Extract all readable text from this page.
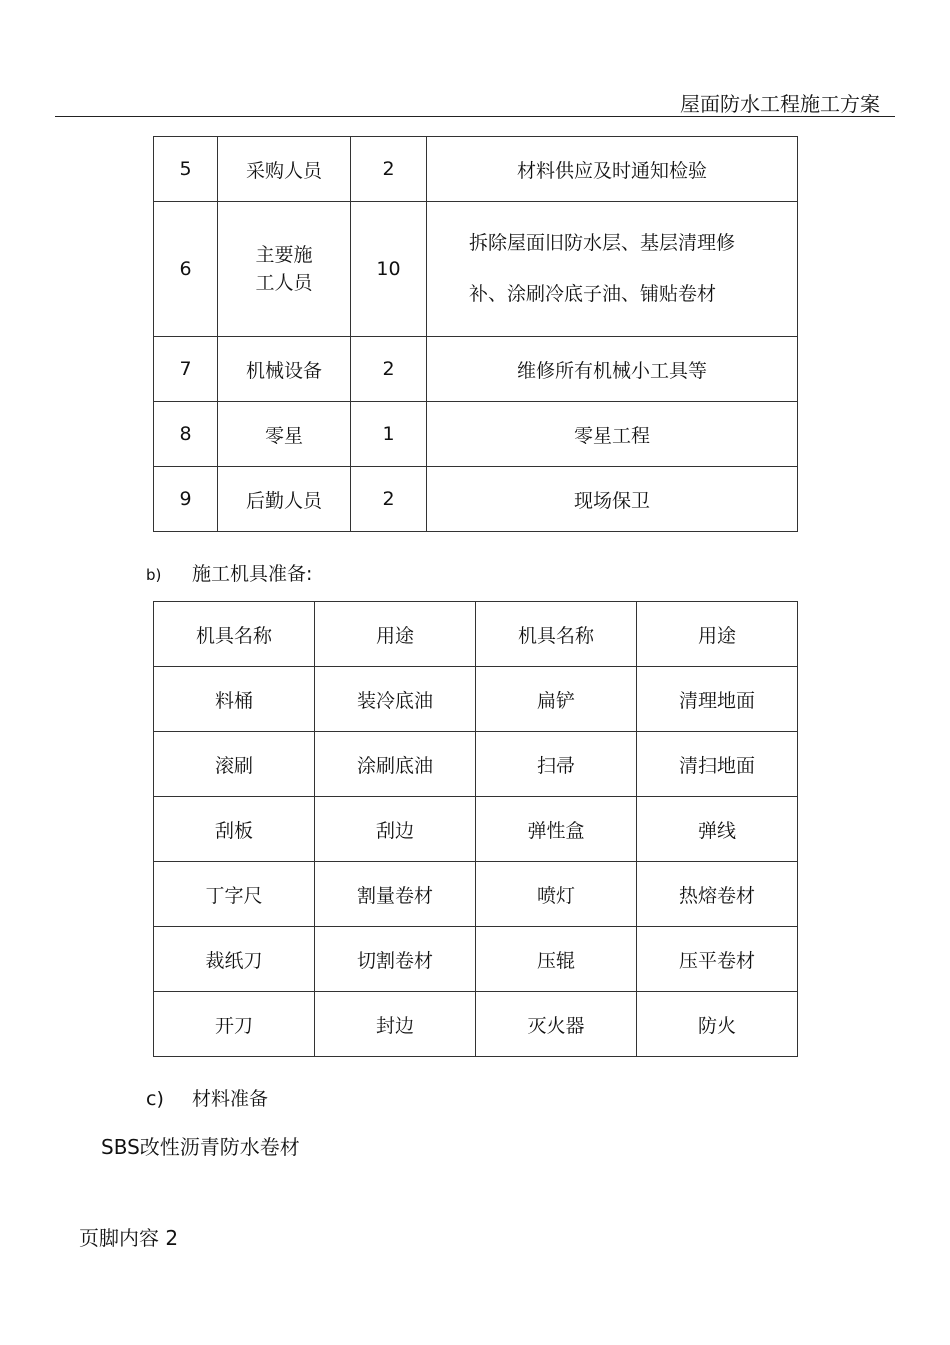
屋面防水工程施工方案
5	采购人员	2	材料供应及时通知检验
6	主要施工人员	10	拆除屋面旧防水层、基层清理修
补、涂刷冷底子油、铺贴卷材

7	机械设备	2	维修所有机械小工具等
8	零星	1	零星工程
9	后勤人员	2	现场保卫
b) 施工机具准备:
机具名称	用途	机具名称	用途
料桶	装冷底油	扁铲	清理地面
滚刷	涂刷底油	扫帚	清扫地面
刮板	刮边	弹性盒	弹线
丁字尺	割量卷材	喷灯	热熔卷材
裁纸刀	切割卷材	压辊	压平卷材
开刀	封边	灭火器	防火
c) 材料准备
SBS改性沥青防水卷材
页脚内容 2
